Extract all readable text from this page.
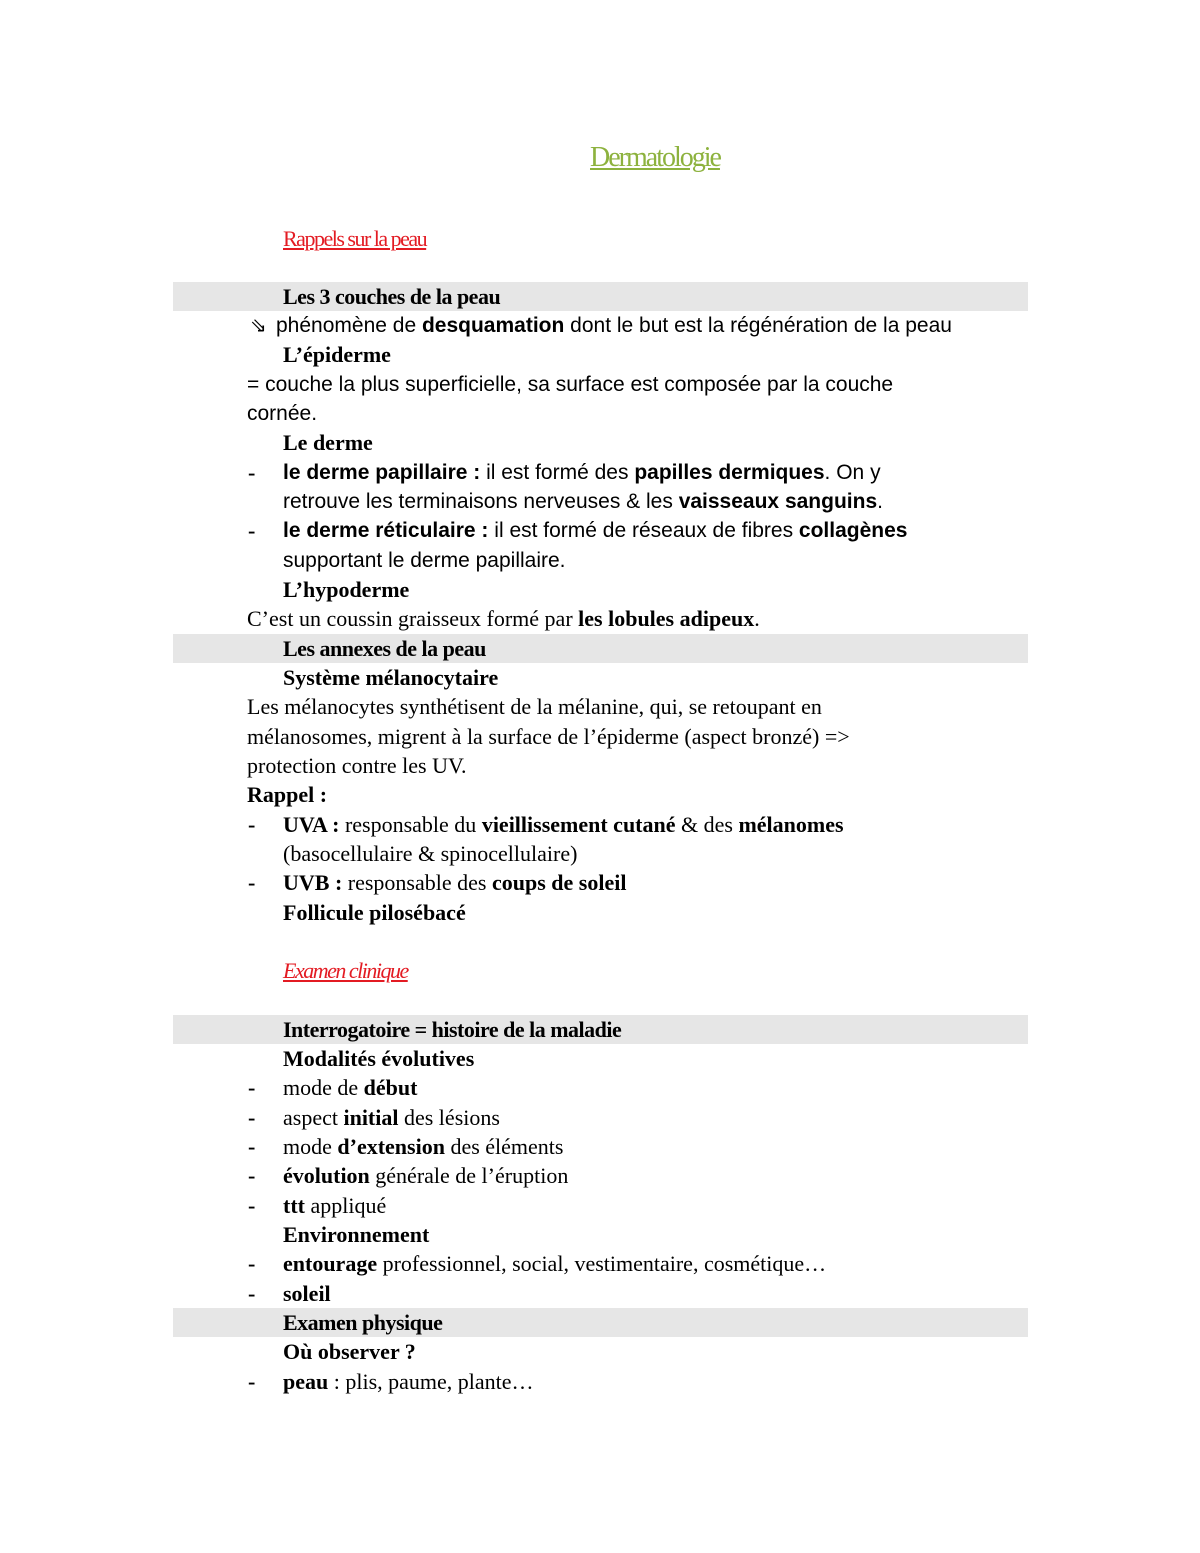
Dermatologie
Rappels sur la peau
Les 3 couches de la peau
⇘ phénomène de desquamation dont le but est la régénération de la peau
L’épiderme
= couche la plus superficielle, sa surface est composée par la couche
cornée.
Le derme
- le derme papillaire : il est formé des papilles dermiques. On y
retrouve les terminaisons nerveuses & les vaisseaux sanguins.
- le derme réticulaire : il est formé de réseaux de fibres collagènes
supportant le derme papillaire.
L’hypoderme
C’est un coussin graisseux formé par les lobules adipeux.
Les annexes de la peau
Système mélanocytaire
Les mélanocytes synthétisent de la mélanine, qui, se retoupant en
mélanosomes, migrent à la surface de l’épiderme (aspect bronzé) =>
protection contre les UV.
Rappel :
- UVA : responsable du vieillissement cutané & des mélanomes
(basocellulaire & spinocellulaire)
- UVB : responsable des coups de soleil
Follicule pilosébacé
Examen clinique
Interrogatoire = histoire de la maladie
Modalités évolutives
- mode de début
- aspect initial des lésions
- mode d’extension des éléments
- évolution générale de l’éruption
- ttt appliqué
Environnement
- entourage professionnel, social, vestimentaire, cosmétique…
- soleil
Examen physique
Où observer ?
- peau : plis, paume, plante…
